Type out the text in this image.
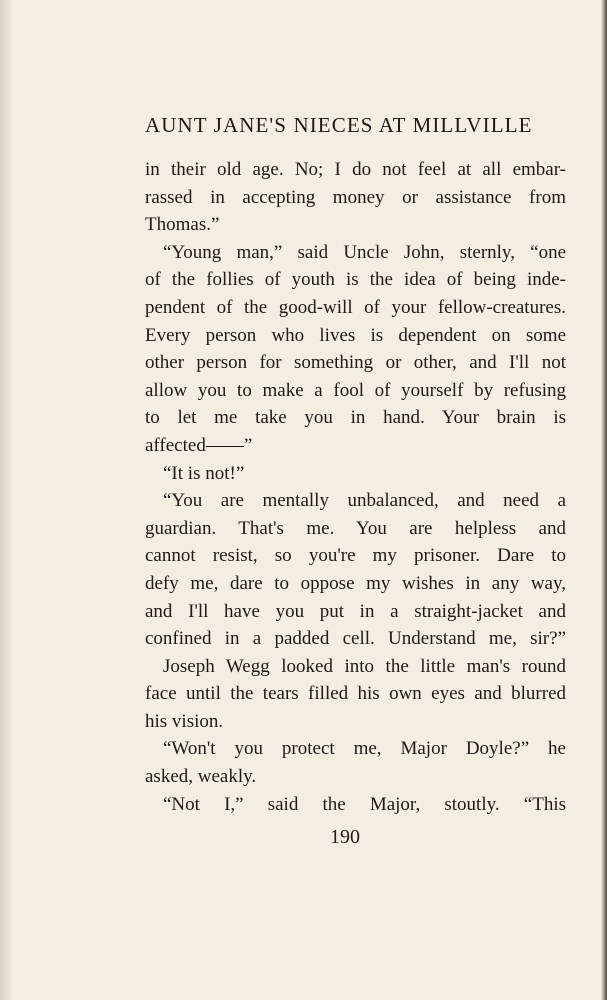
AUNT JANE'S NIECES AT MILLVILLE
in their old age. No; I do not feel at all embar-
rassed in accepting money or assistance from
Thomas.”
“Young man,” said Uncle John, sternly, “one
of the follies of youth is the idea of being inde-
pendent of the good-will of your fellow-creatures.
Every person who lives is dependent on some
other person for something or other, and I'll not
allow you to make a fool of yourself by refusing
to let me take you in hand. Your brain is
affected——”
“It is not!”
“You are mentally unbalanced, and need a
guardian. That's me. You are helpless and
cannot resist, so you're my prisoner. Dare to
defy me, dare to oppose my wishes in any way,
and I'll have you put in a straight-jacket and
confined in a padded cell. Understand me, sir?”
Joseph Wegg looked into the little man's round
face until the tears filled his own eyes and blurred
his vision.
“Won't you protect me, Major Doyle?” he
asked, weakly.
“Not I,” said the Major, stoutly. “This
190
